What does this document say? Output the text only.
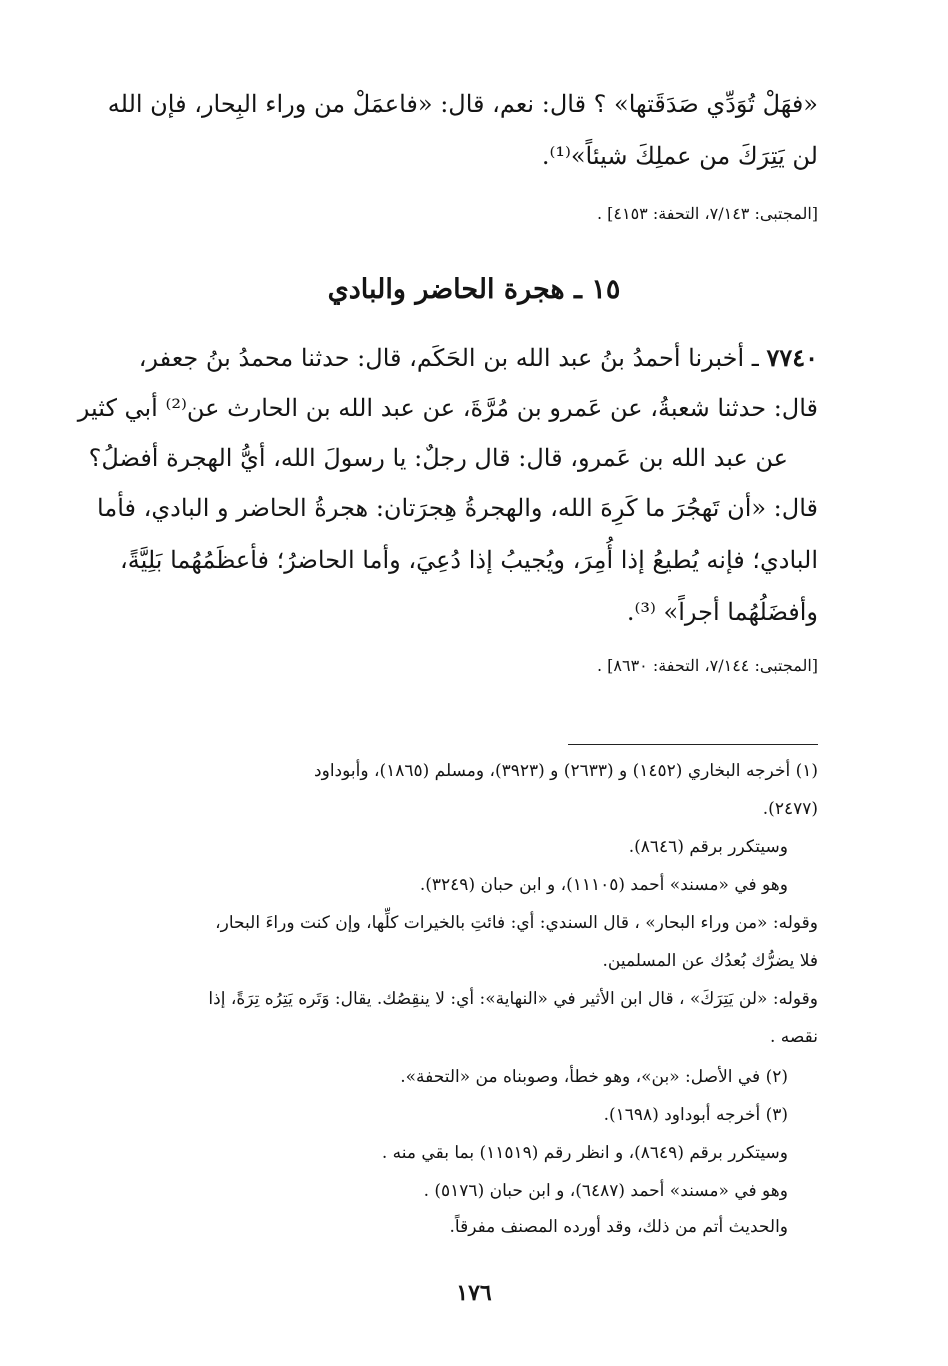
«فهَلْ تُوَدِّي صَدَقَتها» ؟ قال: نعم، قال: «فاعمَلْ من وراء البِحار، فإن الله
لن يَتِرَكَ من عملِكَ شيئاً»⁽¹⁾.
[المجتبى: ٧/١٤٣، التحفة: ٤١٥٣] .
١٥ ـ هجرة الحاضر والبادي
٧٧٤٠ ـ أخبرنا أحمدُ بنُ عبد الله بن الحَكَم، قال: حدثنا محمدُ بنُ جعفر،
قال: حدثنا شعبةُ، عن عَمرو بن مُرَّةَ، عن عبد الله بن الحارث عن⁽²⁾ أبي كثير
عن عبد الله بن عَمرو، قال: قال رجلٌ: يا رسولَ الله، أيُّ الهجرة أفضلُ؟
قال: «أن تَهجُرَ ما كَرِهَ الله، والهجرةُ هِجرَتان: هجرةُ الحاضر و البادي، فأما
البادي؛ فإنه يُطيعُ إذا أُمِرَ، ويُجيبُ إذا دُعِيَ، وأما الحاضرُ؛ فأعظَمُهُما بَلِيَّةً،
وأفضَلُهُما أجراً» ⁽³⁾.
[المجتبى: ٧/١٤٤، التحفة: ٨٦٣٠] .
(١) أخرجه البخاري (١٤٥٢) و (٢٦٣٣) و (٣٩٢٣)، ومسلم (١٨٦٥)، وأبوداود
(٢٤٧٧).
وسيتكرر برقم (٨٦٤٦).
وهو في «مسند» أحمد (١١١٠٥)، و ابن حبان (٣٢٤٩).
وقوله: «من وراء البحار» ، قال السندي: أي: فائتِ بالخيرات كلِّها، وإن كنت وراءَ البحار،
فلا يضرُّك بُعدُك عن المسلمين.
وقوله: «لن يَتِرَكَ» ، قال ابن الأثير في «النهاية»: أي: لا ينقِصُك. يقال: وَتَره يَتِرُه تِرَةً، إذا
نقصه .
(٢) في الأصل: «بن»، وهو خطأ، وصوبناه من «التحفة».
(٣) أخرجه أبوداود (١٦٩٨).
وسيتكرر برقم (٨٦٤٩)، و انظر رقم (١١٥١٩) بما بقي منه .
وهو في «مسند» أحمد (٦٤٨٧)، و ابن حبان (٥١٧٦) .
والحديث أتم من ذلك، وقد أورده المصنف مفرقاً.
١٧٦
